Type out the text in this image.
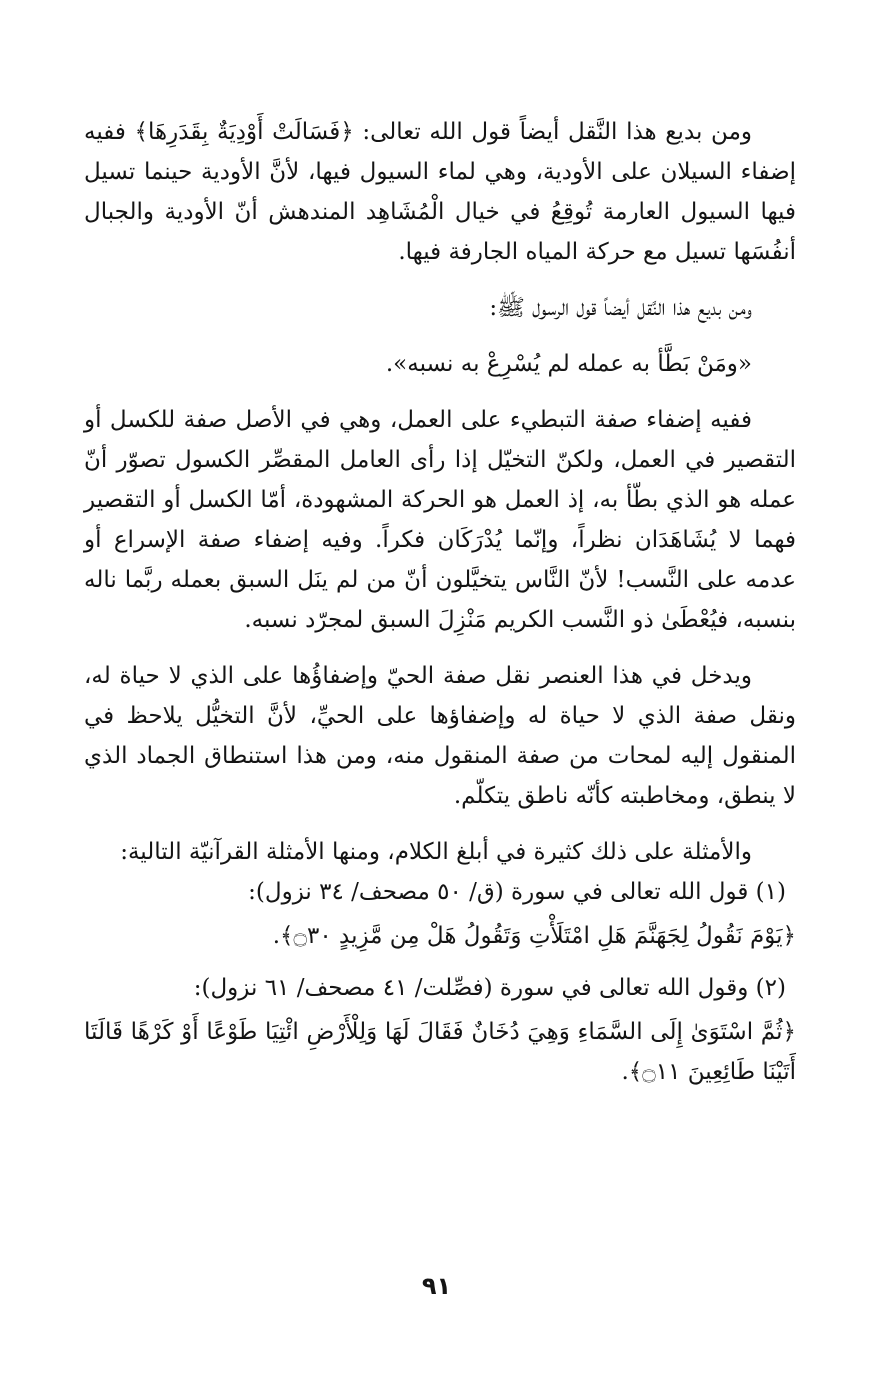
ومن بديع هذا النَّقل أيضاً قول الله تعالى: ﴿فَسَالَتْ أَوْدِيَةٌ بِقَدَرِهَا﴾ ففيه إضفاء السيلان على الأودية، وهي لماء السيول فيها، لأنَّ الأودية حينما تسيل فيها السيول العارمة تُوقِعُ في خيال الْمُشَاهِد المندهش أنّ الأودية والجبال أنفُسَها تسيل مع حركة المياه الجارفة فيها.

ومن بديع هذا النَّقل أيضاً قول الرسول ﷺ:

«ومَنْ بَطَّأ به عمله لم يُسْرِعْ به نسبه».

ففيه إضفاء صفة التبطيء على العمل، وهي في الأصل صفة للكسل أو التقصير في العمل، ولكنّ التخيّل إذا رأى العامل المقصِّر الكسول تصوّر أنّ عمله هو الذي بطّأ به، إذ العمل هو الحركة المشهودة، أمّا الكسل أو التقصير فهما لا يُشَاهَدَان نظراً، وإنّما يُدْرَكَان فكراً. وفيه إضفاء صفة الإسراع أو عدمه على النَّسب! لأنّ النَّاس يتخيَّلون أنّ من لم ينَل السبق بعمله ربَّما ناله بنسبه، فيُعْطَىٰ ذو النَّسب الكريم مَنْزِلَ السبق لمجرّد نسبه.

ويدخل في هذا العنصر نقل صفة الحيّ وإضفاؤُها على الذي لا حياة له، ونقل صفة الذي لا حياة له وإضفاؤها على الحيِّ، لأنَّ التخيُّل يلاحظ في المنقول إليه لمحات من صفة المنقول منه، ومن هذا استنطاق الجماد الذي لا ينطق، ومخاطبته كأنّه ناطق يتكلّم.

والأمثلة على ذلك كثيرة في أبلغ الكلام، ومنها الأمثلة القرآنيّة التالية:

(١) قول الله تعالى في سورة (ق/ ٥٠ مصحف/ ٣٤ نزول):

﴿يَوْمَ نَقُولُ لِجَهَنَّمَ هَلِ امْتَلَأْتِ وَتَقُولُ هَلْ مِن مَّزِيدٍ ۝٣٠﴾.

(٢) وقول الله تعالى في سورة (فصِّلت/ ٤١ مصحف/ ٦١ نزول):

﴿ثُمَّ اسْتَوَىٰ إِلَى السَّمَاءِ وَهِيَ دُخَانٌ فَقَالَ لَهَا وَلِلْأَرْضِ ائْتِيَا طَوْعًا أَوْ كَرْهًا قَالَتَا أَتَيْنَا طَائِعِينَ ۝١١﴾.

٩١
